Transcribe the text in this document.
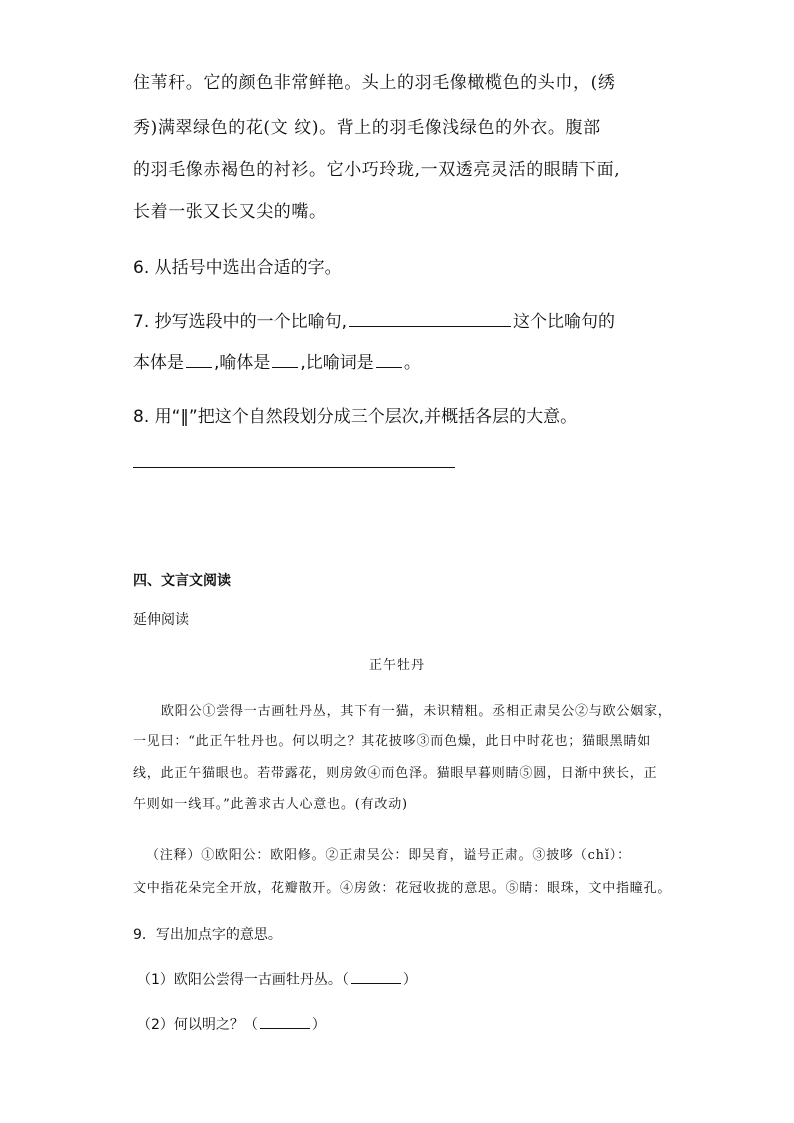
住苇秆。它的颜色非常鲜艳。头上的羽毛像橄榄色的头巾，(绣
秀)满翠绿色的花(文 纹)。背上的羽毛像浅绿色的外衣。腹部
的羽毛像赤褐色的衬衫。它小巧玲珑,一双透亮灵活的眼睛下面,
长着一张又长又尖的嘴。
6. 从括号中选出合适的字。
7. 抄写选段中的一个比喻句,	这个比喻句的
本体是 ,喻体是 ,比喻词是 。
8. 用“‖”把这个自然段划分成三个层次,并概括各层的大意。
四、文言文阅读
延伸阅读
正午牡丹
欧阳公①尝得一古画牡丹丛，其下有一猫，未识精粗。丞相正肃吴公②与欧公姻家，
一见曰：“此正午牡丹也。何以明之？其花披哆③而色燥，此日中时花也；猫眼黑睛如
线，此正午猫眼也。若带露花，则房敛④而色泽。猫眼早暮则睛⑤圆，日渐中狭长，正
午则如一线耳。”此善求古人心意也。(有改动)
（注释）①欧阳公：欧阳修。②正肃吴公：即吴育，谥号正肃。③披哆（chǐ）：
文中指花朵完全开放，花瓣散开。④房敛：花冠收拢的意思。⑤睛：眼珠，文中指瞳孔。
9．写出加点字的意思。
（1）欧阳公尝得一古画牡丹丛。（	）
（2）何以明之？（	）
